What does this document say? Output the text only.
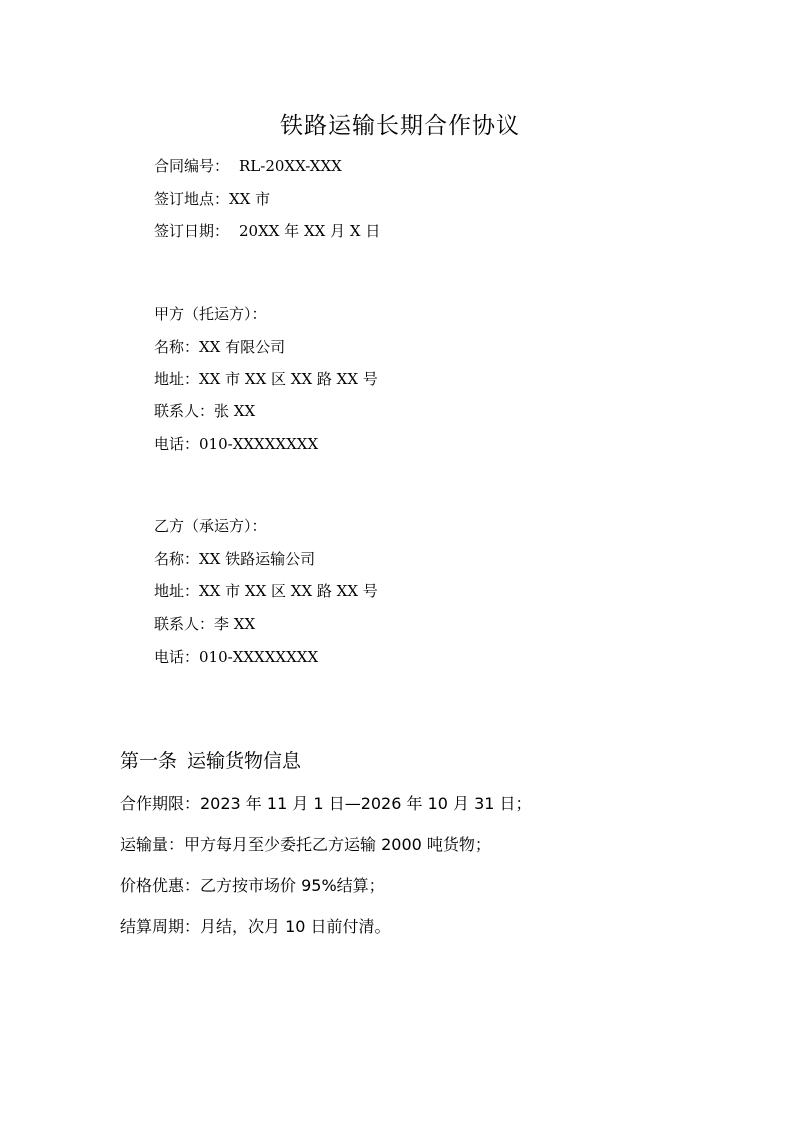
铁路运输长期合作协议
合同编号： RL-20XX-XXX
签订地点：XX 市
签订日期： 20XX 年 XX 月 X 日
甲方（托运方）：
名称：XX 有限公司
地址：XX 市 XX 区 XX 路 XX 号
联系人：张 XX
电话：010-XXXXXXXX
乙方（承运方）：
名称：XX 铁路运输公司
地址：XX 市 XX 区 XX 路 XX 号
联系人：李 XX
电话：010-XXXXXXXX
第一条 运输货物信息
合作期限：2023 年 11 月 1 日—2026 年 10 月 31 日；
运输量：甲方每月至少委托乙方运输 2000 吨货物；
价格优惠：乙方按市场价 95%结算；
结算周期：月结，次月 10 日前付清。
